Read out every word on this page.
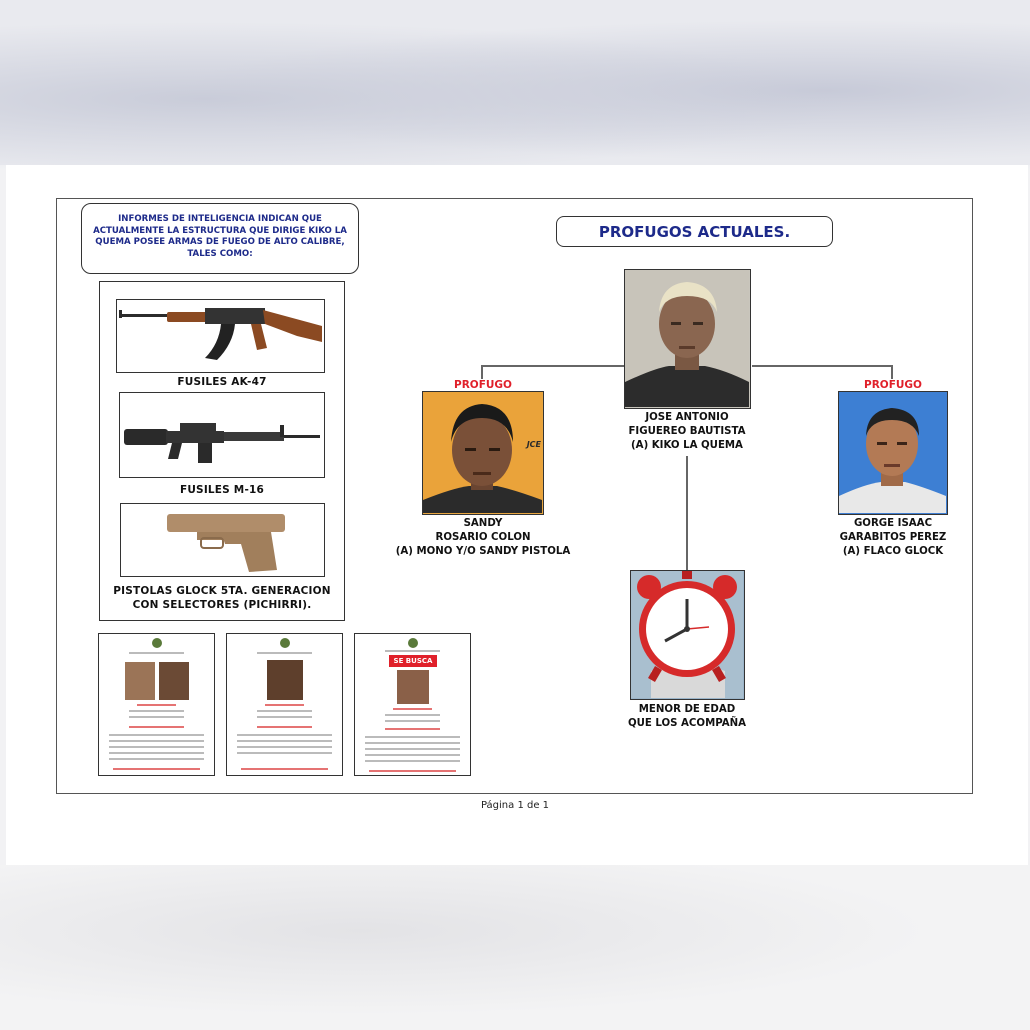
INFORMES DE INTELIGENCIA INDICAN QUE ACTUALMENTE LA ESTRUCTURA QUE DIRIGE KIKO LA QUEMA POSEE ARMAS DE FUEGO DE ALTO CALIBRE, TALES COMO:
FUSILES AK-47
FUSILES M-16
PISTOLAS GLOCK 5TA. GENERACION
CON SELECTORES (PICHIRRI).
SE BUSCA
PROFUGOS ACTUALES.
JOSE ANTONIO
FIGUEREO BAUTISTA
(A) KIKO LA QUEMA
PROFUGO
JCE
SANDY
ROSARIO COLON
(A) MONO Y/O SANDY PISTOLA
PROFUGO
GORGE ISAAC
GARABITOS PEREZ
(A) FLACO GLOCK
MENOR DE EDAD
QUE LOS ACOMPAÑA
Página 1 de 1
